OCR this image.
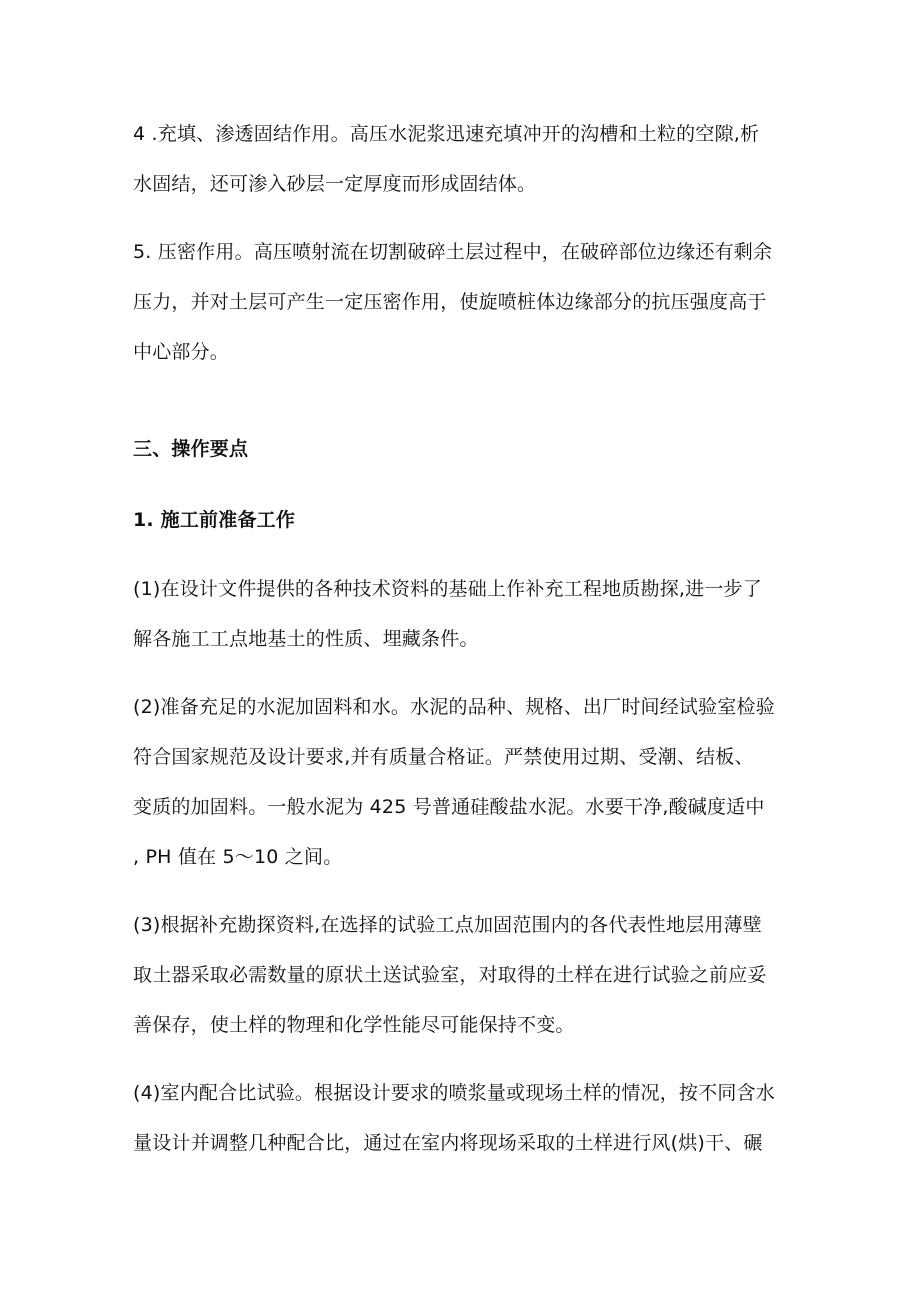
4 .充填、渗透固结作用。高压水泥浆迅速充填冲开的沟槽和土粒的空隙,析
水固结，还可渗入砂层一定厚度而形成固结体。
5. 压密作用。高压喷射流在切割破碎土层过程中，在破碎部位边缘还有剩余
压力，并对土层可产生一定压密作用，使旋喷桩体边缘部分的抗压强度高于
中心部分。
三、操作要点
1. 施工前准备工作
(1)在设计文件提供的各种技术资料的基础上作补充工程地质勘探,进一步了
解各施工工点地基土的性质、埋藏条件。
(2)准备充足的水泥加固料和水。水泥的品种、规格、出厂时间经试验室检验
符合国家规范及设计要求,并有质量合格证。严禁使用过期、受潮、结板、
变质的加固料。一般水泥为 425 号普通硅酸盐水泥。水要干净,酸碱度适中
, PH 值在 5～10 之间。
(3)根据补充勘探资料,在选择的试验工点加固范围内的各代表性地层用薄壁
取土器采取必需数量的原状土送试验室，对取得的土样在进行试验之前应妥
善保存，使土样的物理和化学性能尽可能保持不变。
(4)室内配合比试验。根据设计要求的喷浆量或现场土样的情况，按不同含水
量设计并调整几种配合比，通过在室内将现场采取的土样进行风(烘)干、碾
